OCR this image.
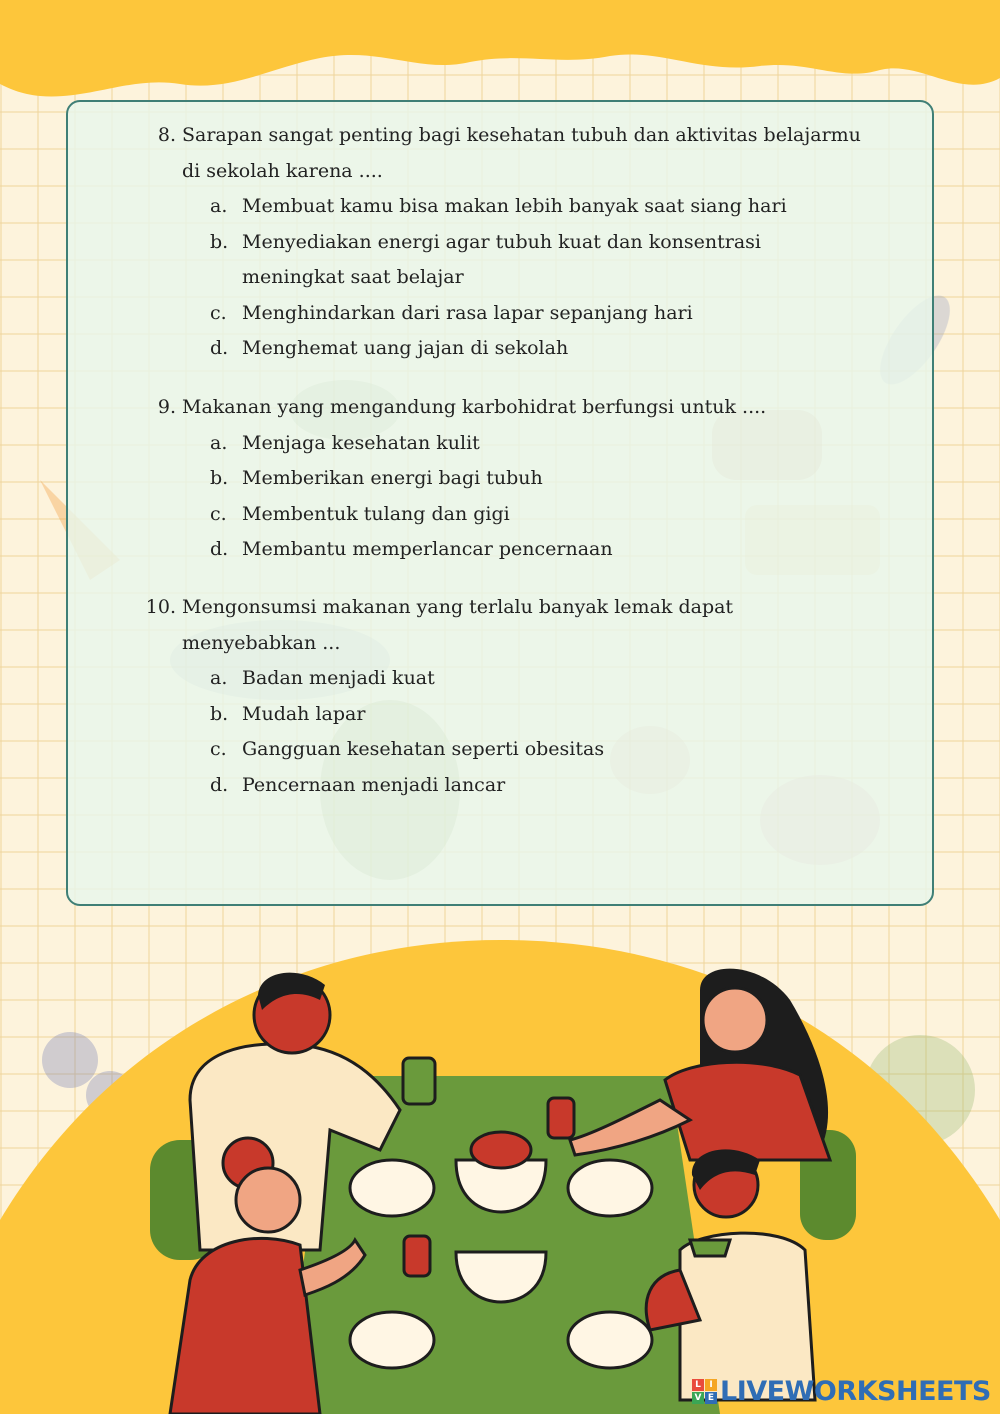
8. Sarapan sangat penting bagi kesehatan tubuh dan aktivitas belajarmu
di sekolah karena ....
a. Membuat kamu bisa makan lebih banyak saat siang hari
b. Menyediakan energi agar tubuh kuat dan konsentrasi
meningkat saat belajar
c. Menghindarkan dari rasa lapar sepanjang hari
d. Menghemat uang jajan di sekolah
9. Makanan yang mengandung karbohidrat berfungsi untuk ....
a. Menjaga kesehatan kulit
b. Memberikan energi bagi tubuh
c. Membentuk tulang dan gigi
d. Membantu memperlancar pencernaan
10. Mengonsumsi makanan yang terlalu banyak lemak dapat
menyebabkan ...
a. Badan menjadi kuat
b. Mudah lapar
c. Gangguan kesehatan seperti obesitas
d. Pencernaan menjadi lancar
L I
V E LIVEWORKSHEETS
